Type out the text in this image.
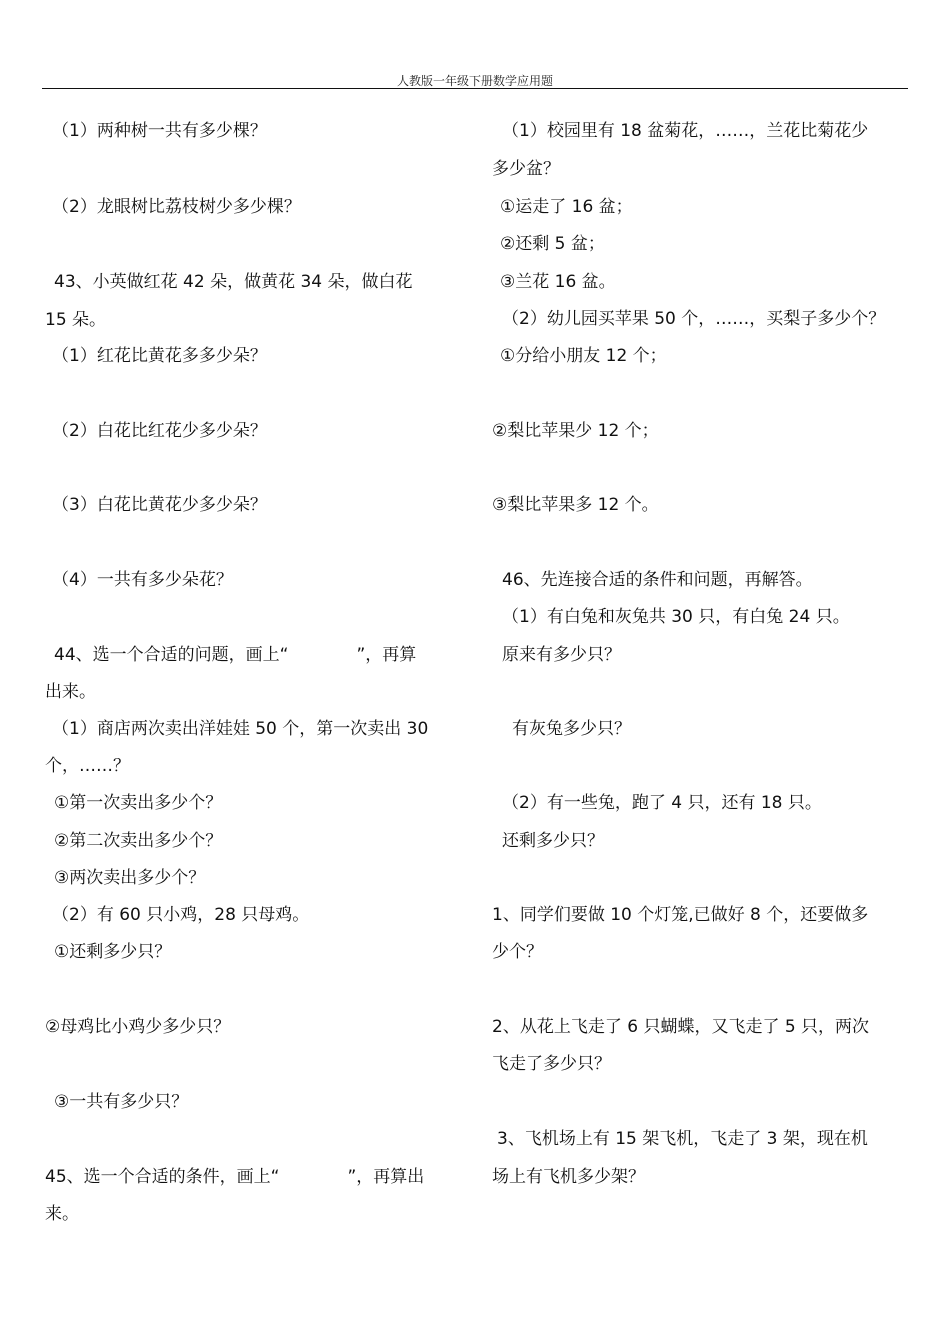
人教版一年级下册数学应用题
（1）两种树一共有多少棵？
（2）龙眼树比荔枝树少多少棵？
43、小英做红花 42 朵，做黄花 34 朵，做白花
15 朵。
（1）红花比黄花多多少朵？
（2）白花比红花少多少朵？
（3）白花比黄花少多少朵？
（4）一共有多少朵花？
44、选一个合适的问题，画上“　　　　”，再算
出来。
（1）商店两次卖出洋娃娃 50 个，第一次卖出 30
个，……？
①第一次卖出多少个？
②第二次卖出多少个？
③两次卖出多少个？
（2）有 60 只小鸡，28 只母鸡。
①还剩多少只？
②母鸡比小鸡少多少只？
③一共有多少只？
45、选一个合适的条件，画上“　　　　”，再算出
来。
（1）校园里有 18 盆菊花，……，兰花比菊花少
多少盆？
①运走了 16 盆；
②还剩 5 盆；
③兰花 16 盆。
（2）幼儿园买苹果 50 个，……，买梨子多少个？
①分给小朋友 12 个；
②梨比苹果少 12 个；
③梨比苹果多 12 个。
46、先连接合适的条件和问题，再解答。
（1）有白兔和灰兔共 30 只，有白兔 24 只。
原来有多少只？
有灰兔多少只？
（2）有一些兔，跑了 4 只，还有 18 只。
还剩多少只？
1、同学们要做 10 个灯笼,已做好 8 个，还要做多
少个？
2、从花上飞走了 6 只蝴蝶，又飞走了 5 只，两次
飞走了多少只？
3、飞机场上有 15 架飞机，飞走了 3 架，现在机
场上有飞机多少架？
